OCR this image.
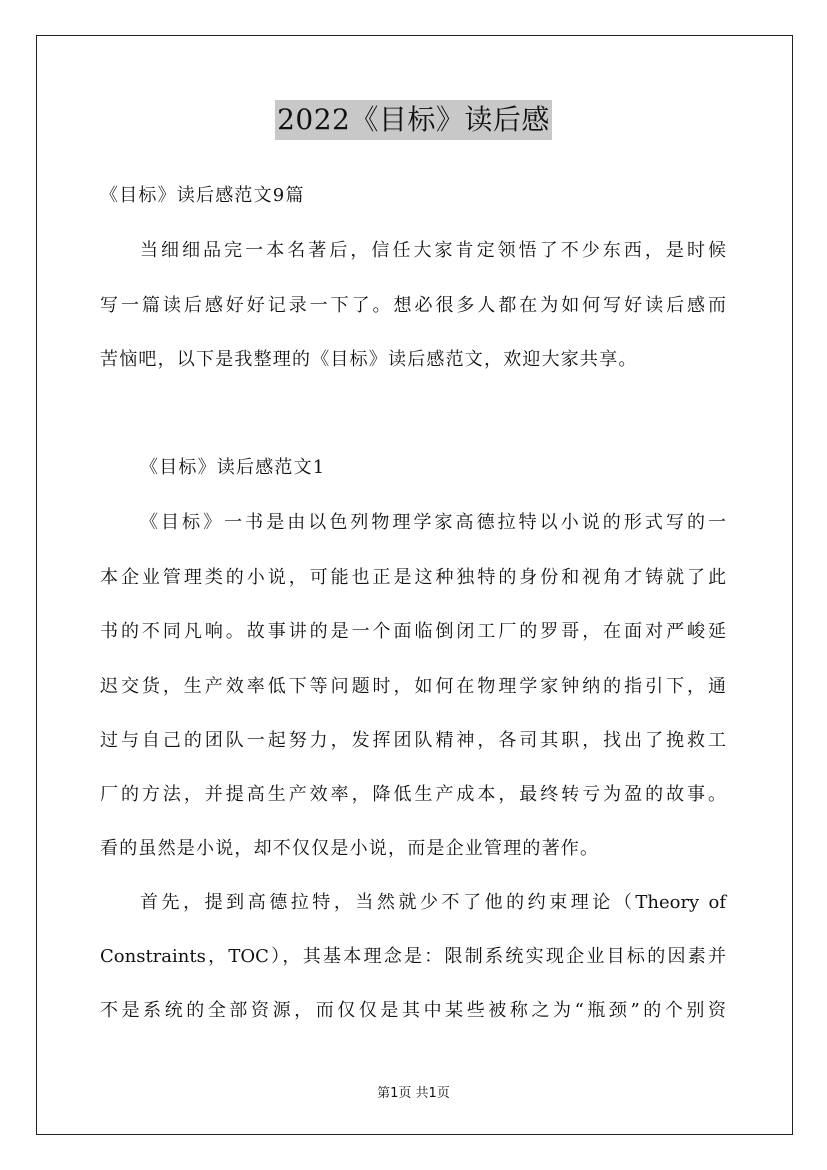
2022《目标》读后感
《目标》读后感范文9篇
当细细品完一本名著后，信任大家肯定领悟了不少东西，是时候
写一篇读后感好好记录一下了。想必很多人都在为如何写好读后感而
苦恼吧，以下是我整理的《目标》读后感范文，欢迎大家共享。
《目标》读后感范文1
《目标》一书是由以色列物理学家高德拉特以小说的形式写的一
本企业管理类的小说，可能也正是这种独特的身份和视角才铸就了此
书的不同凡响。故事讲的是一个面临倒闭工厂的罗哥，在面对严峻延
迟交货，生产效率低下等问题时，如何在物理学家钟纳的指引下，通
过与自己的团队一起努力，发挥团队精神，各司其职，找出了挽救工
厂的方法，并提高生产效率，降低生产成本，最终转亏为盈的故事。
看的虽然是小说，却不仅仅是小说，而是企业管理的著作。
首先，提到高德拉特，当然就少不了他的约束理论（Theory of
Constraints，TOC），其基本理念是：限制系统实现企业目标的因素并
不是系统的全部资源，而仅仅是其中某些被称之为“瓶颈”的个别资
第1页 共1页
